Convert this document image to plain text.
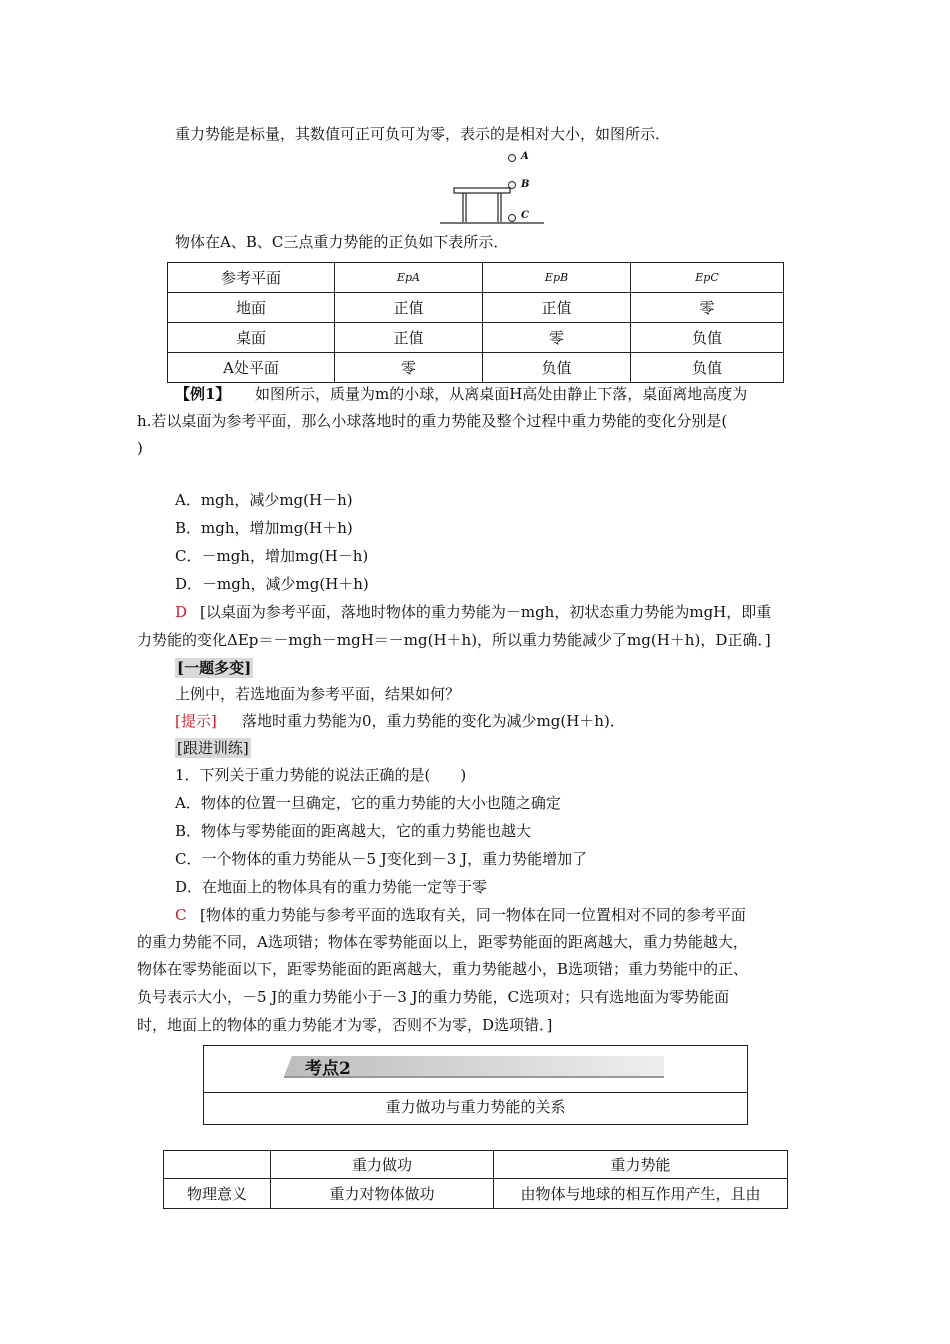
重力势能是标量，其数值可正可负可为零，表示的是相对大小，如图所示．
A
B
C
物体在A、B、C三点重力势能的正负如下表所示．
参考平面	EpA	EpB	EpC
地面	正值	正值	零
桌面	正值	零	负值
A处平面	零	负值	负值
【例1】 如图所示，质量为m的小球，从离桌面H高处由静止下落，桌面离地高度为
h.若以桌面为参考平面，那么小球落地时的重力势能及整个过程中重力势能的变化分别是(
)
A．mgh，减少mg(H－h)
B．mgh，增加mg(H＋h)
C．－mgh，增加mg(H－h)
D．－mgh，减少mg(H＋h)
D [以桌面为参考平面，落地时物体的重力势能为－mgh，初状态重力势能为mgH，即重
力势能的变化ΔEp＝－mgh－mgH＝－mg(H＋h)，所以重力势能减少了mg(H＋h)，D正确．]
[一题多变]
上例中，若选地面为参考平面，结果如何？
[提示] 落地时重力势能为0，重力势能的变化为减少mg(H＋h)．
[跟进训练]
1．下列关于重力势能的说法正确的是(　　)
A．物体的位置一旦确定，它的重力势能的大小也随之确定
B．物体与零势能面的距离越大，它的重力势能也越大
C．一个物体的重力势能从－5 J变化到－3 J，重力势能增加了
D．在地面上的物体具有的重力势能一定等于零
C [物体的重力势能与参考平面的选取有关，同一物体在同一位置相对不同的参考平面
的重力势能不同，A选项错；物体在零势能面以上，距零势能面的距离越大，重力势能越大，
物体在零势能面以下，距零势能面的距离越大，重力势能越小，B选项错；重力势能中的正、
负号表示大小，－5 J的重力势能小于－3 J的重力势能，C选项对；只有选地面为零势能面
时，地面上的物体的重力势能才为零，否则不为零，D选项错．]
考点2
重力做功与重力势能的关系
	重力做功	重力势能
物理意义	重力对物体做功	由物体与地球的相互作用产生，且由
